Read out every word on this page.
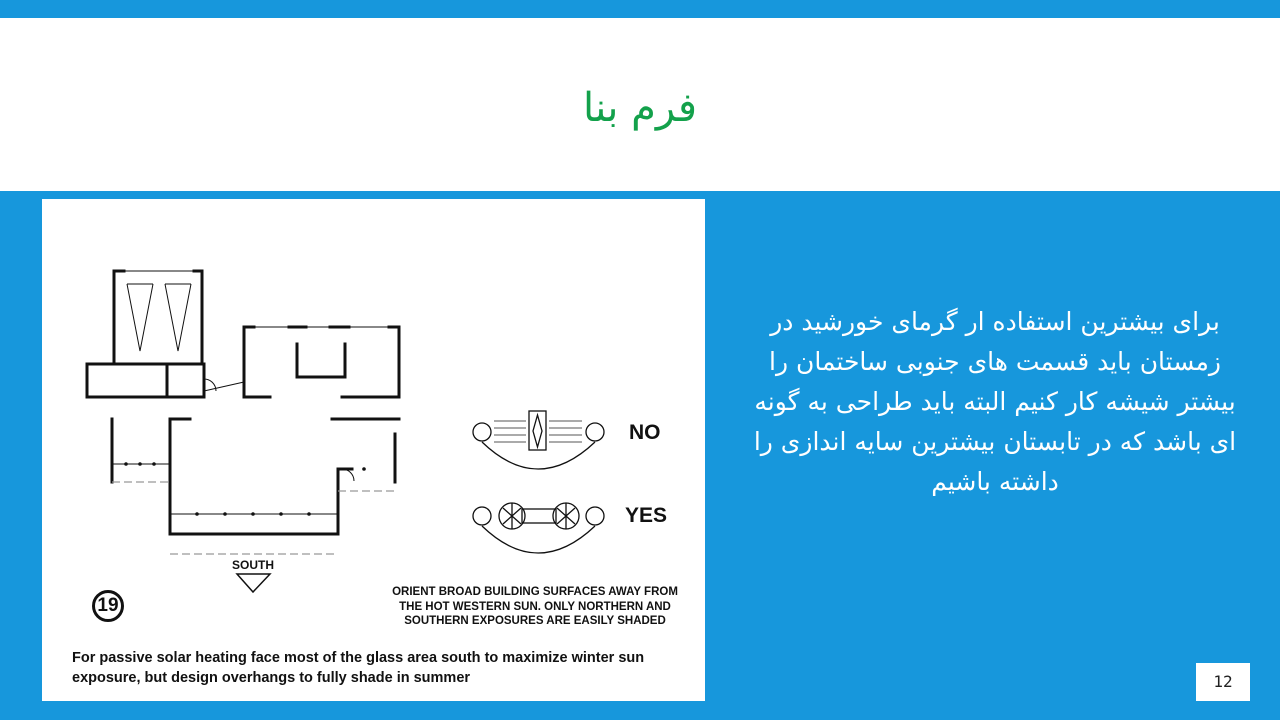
فرم بنا
SOUTH
NO
YES
ORIENT BROAD BUILDING SURFACES AWAY FROM THE HOT WESTERN SUN. ONLY NORTHERN AND SOUTHERN EXPOSURES ARE EASILY SHADED
19
For passive solar heating face most of the glass area south to maximize winter sun exposure, but design overhangs to fully shade in summer
برای بیشترین استفاده ار گرمای خورشید در زمستان باید قسمت های جنوبی ساختمان را بیشتر شیشه کار کنیم البته باید طراحی به گونه ای باشد که در تابستان بیشترین سایه اندازی را داشته باشیم
12
